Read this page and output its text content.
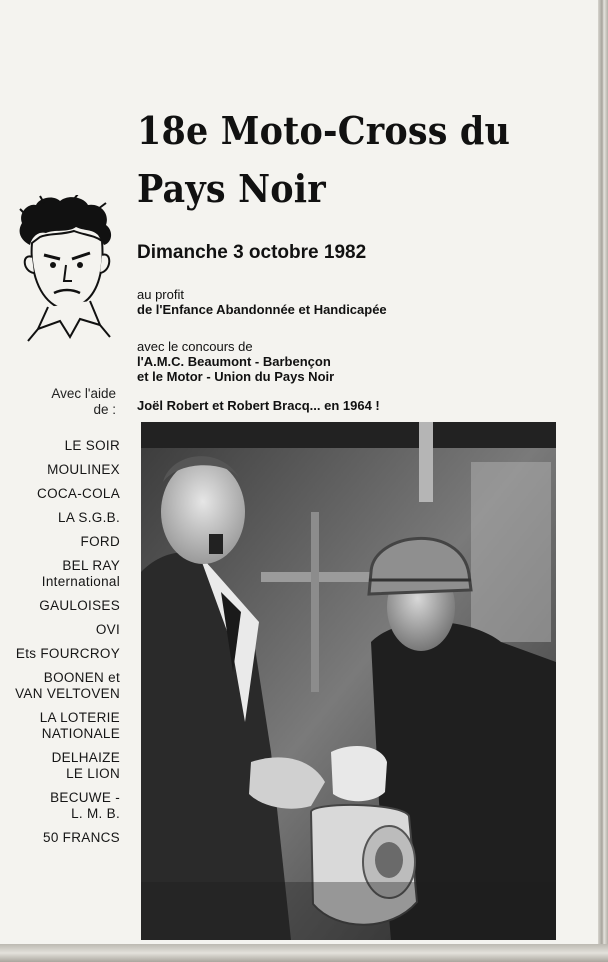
18e Moto-Cross du
Pays Noir
Dimanche 3 octobre 1982
au profit
de l'Enfance Abandonnée et Handicapée
avec le concours de
l'A.M.C. Beaumont - Barbençon
et le Motor - Union du Pays Noir
Joël Robert et Robert Bracq... en 1964 !
Avec l'aide
de :
LE SOIR
MOULINEX
COCA-COLA
LA S.G.B.
FORD
BEL RAY
International
GAULOISES
OVI
Ets FOURCROY
BOONEN et
VAN VELTOVEN
LA LOTERIE
NATIONALE
DELHAIZE
LE LION
BECUWE -
L. M. B.
50 FRANCS
